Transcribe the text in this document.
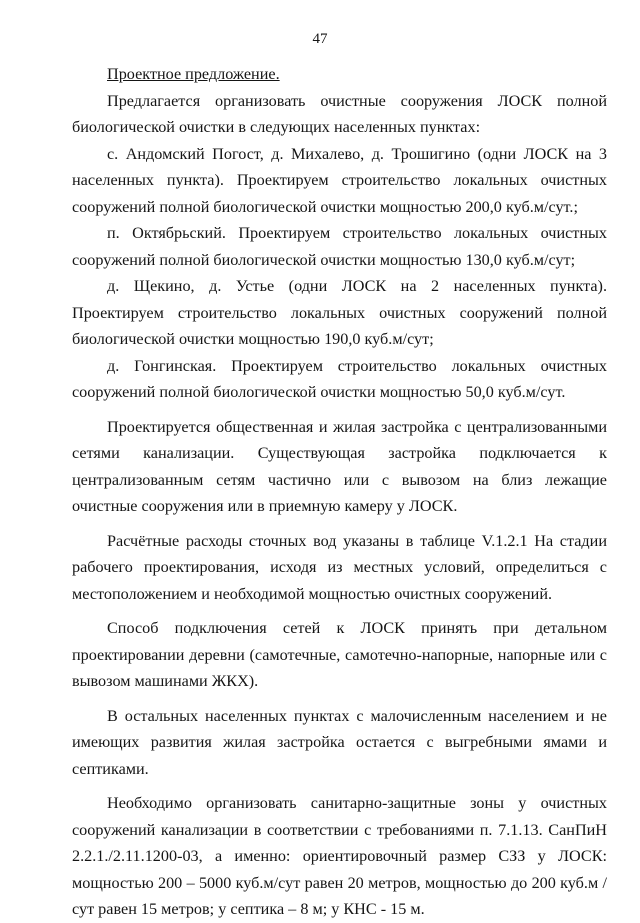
47

Проектное предложение.

Предлагается организовать очистные сооружения ЛОСК полной биологической очистки в следующих населенных пунктах:

с. Андомский Погост, д. Михалево, д. Трошигино (одни ЛОСК на 3 населенных пункта). Проектируем строительство локальных очистных сооружений полной биологической очистки мощностью 200,0 куб.м/сут.;

п. Октябрьский. Проектируем строительство локальных очистных сооружений полной биологической очистки мощностью 130,0 куб.м/сут;

д. Щекино, д. Устье (одни ЛОСК на 2 населенных пункта). Проектируем строительство локальных очистных сооружений полной биологической очистки мощностью 190,0 куб.м/сут;

д. Гонгинская. Проектируем строительство локальных очистных сооружений полной биологической очистки мощностью 50,0 куб.м/сут.

Проектируется общественная и жилая застройка с централизованными сетями канализации. Существующая застройка подключается к централизованным сетям частично или с вывозом на близ лежащие очистные сооружения или в приемную камеру у ЛОСК.

Расчётные расходы сточных вод указаны в таблице V.1.2.1 На стадии рабочего проектирования, исходя из местных условий, определиться с местоположением и необходимой мощностью очистных сооружений.

Способ подключения сетей к ЛОСК принять при детальном проектировании деревни (самотечные, самотечно-напорные, напорные или с вывозом машинами ЖКХ).

В остальных населенных пунктах с малочисленным населением и не имеющих развития жилая застройка остается с выгребными ямами и септиками.

Необходимо организовать санитарно-защитные зоны у очистных сооружений канализации в соответствии с требованиями п. 7.1.13. СанПиН 2.2.1./2.11.1200-03, а именно: ориентировочный размер СЗЗ у ЛОСК: мощностью 200 – 5000 куб.м/сут равен 20 метров, мощностью до 200 куб.м /сут равен 15 метров; у септика – 8 м; у КНС - 15 м.
